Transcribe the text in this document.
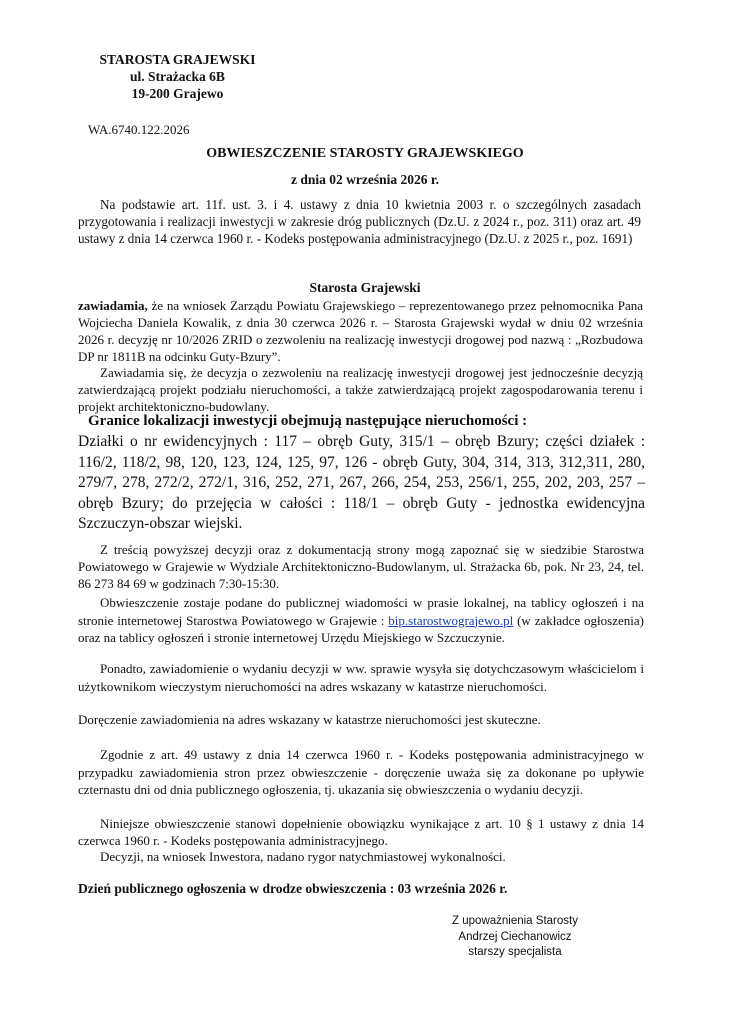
STAROSTA GRAJEWSKI
ul. Strażacka 6B
19-200 Grajewo
WA.6740.122.2026
OBWIESZCZENIE STAROSTY GRAJEWSKIEGO
z dnia 02 września 2026 r.
Na podstawie art. 11f. ust. 3. i 4. ustawy z dnia 10 kwietnia 2003 r. o szczególnych zasadach przygotowania i realizacji inwestycji w zakresie dróg publicznych (Dz.U. z 2024 r., poz. 311) oraz art. 49 ustawy z dnia 14 czerwca 1960 r. - Kodeks postępowania administracyjnego (Dz.U. z 2025 r., poz. 1691)
Starosta Grajewski
zawiadamia, że na wniosek Zarządu Powiatu Grajewskiego – reprezentowanego przez pełnomocnika Pana Wojciecha Daniela Kowalik, z dnia 30 czerwca 2026 r. – Starosta Grajewski wydał w dniu 02 września 2026 r. decyzję nr 10/2026 ZRID o zezwoleniu na realizację inwestycji drogowej pod nazwą : „Rozbudowa DP nr 1811B na odcinku Guty-Bzury”.
Zawiadamia się, że decyzja o zezwoleniu na realizację inwestycji drogowej jest jednocześnie decyzją zatwierdzającą projekt podziału nieruchomości, a także zatwierdzającą projekt zagospodarowania terenu i projekt architektoniczno-budowlany.
Granice lokalizacji inwestycji obejmują następujące nieruchomości :
Działki o nr ewidencyjnych : 117 – obręb Guty, 315/1 – obręb Bzury; części działek : 116/2, 118/2, 98, 120, 123, 124, 125, 97, 126 - obręb Guty, 304, 314, 313, 312,311, 280, 279/7, 278, 272/2, 272/1, 316, 252, 271, 267, 266, 254, 253, 256/1, 255, 202, 203, 257 – obręb Bzury; do przejęcia w całości : 118/1 – obręb Guty - jednostka ewidencyjna Szczuczyn-obszar wiejski.
Z treścią powyższej decyzji oraz z dokumentacją strony mogą zapoznać się w siedzibie Starostwa Powiatowego w Grajewie w Wydziale Architektoniczno-Budowlanym, ul. Strażacka 6b, pok. Nr 23, 24, tel. 86 273 84 69 w godzinach 7:30-15:30.
Obwieszczenie zostaje podane do publicznej wiadomości w prasie lokalnej, na tablicy ogłoszeń i na stronie internetowej Starostwa Powiatowego w Grajewie : bip.starostwograjewo.pl (w zakładce ogłoszenia) oraz na tablicy ogłoszeń i stronie internetowej Urzędu Miejskiego w Szczuczynie.
Ponadto, zawiadomienie o wydaniu decyzji w ww. sprawie wysyła się dotychczasowym właścicielom i użytkownikom wieczystym nieruchomości na adres wskazany w katastrze nieruchomości.
Doręczenie zawiadomienia na adres wskazany w katastrze nieruchomości jest skuteczne.
Zgodnie z art. 49 ustawy z dnia 14 czerwca 1960 r. - Kodeks postępowania administracyjnego w przypadku zawiadomienia stron przez obwieszczenie - doręczenie uważa się za dokonane po upływie czternastu dni od dnia publicznego ogłoszenia, tj. ukazania się obwieszczenia o wydaniu decyzji.
Niniejsze obwieszczenie stanowi dopełnienie obowiązku wynikające z art. 10 § 1 ustawy z dnia 14 czerwca 1960 r. - Kodeks postępowania administracyjnego.
Decyzji, na wniosek Inwestora, nadano rygor natychmiastowej wykonalności.
Dzień publicznego ogłoszenia w drodze obwieszczenia : 03 września 2026 r.
Z upoważnienia Starosty
Andrzej Ciechanowicz
starszy specjalista
